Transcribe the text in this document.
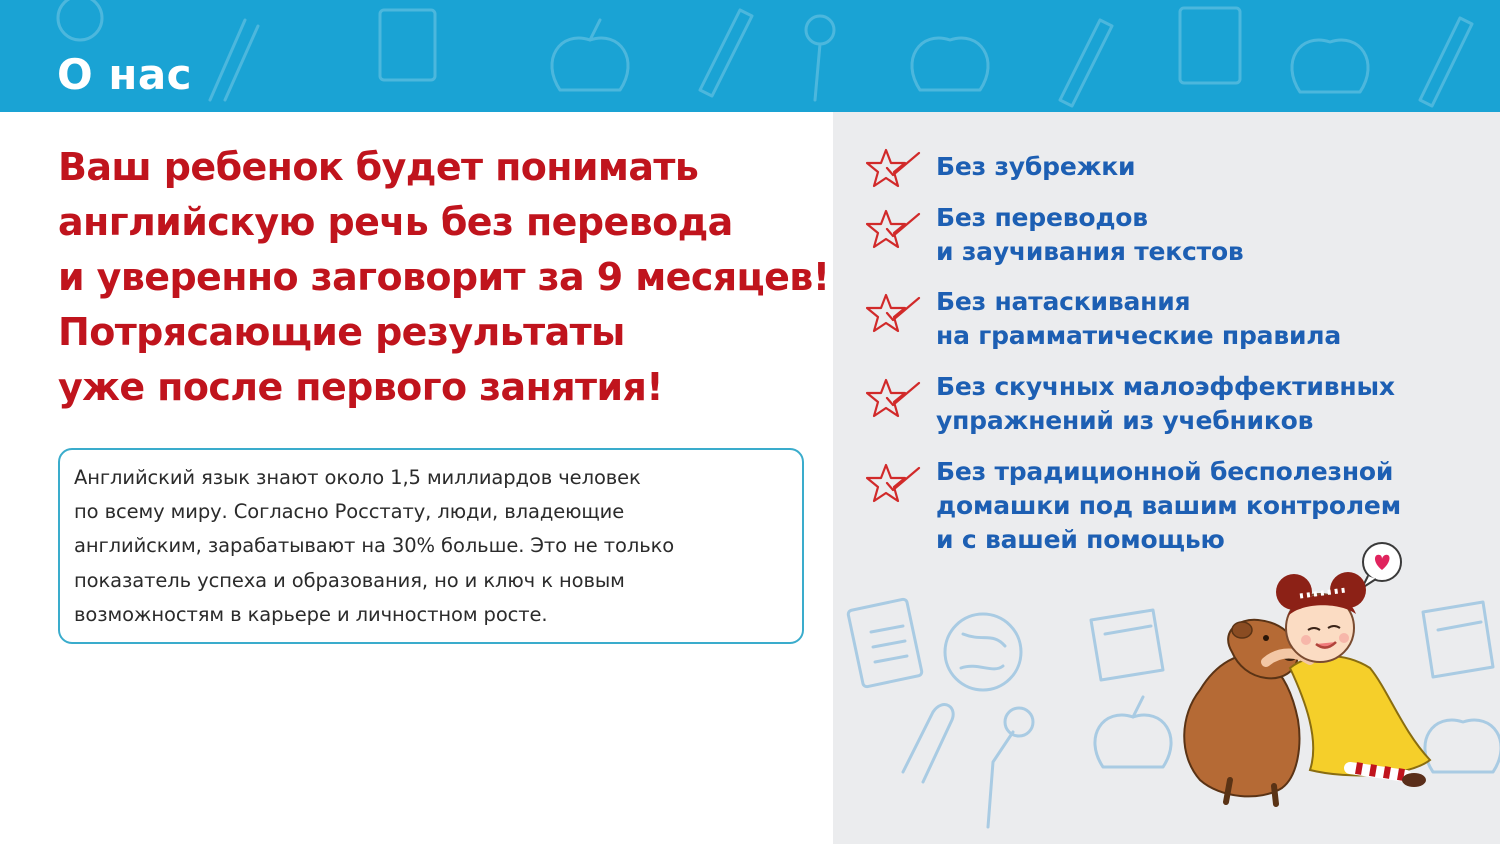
О нас
Ваш ребенок будет понимать
английскую речь без перевода
и уверенно заговорит за 9 месяцев!
Потрясающие результаты
уже после первого занятия!

Английский язык знают около 1,5 миллиардов человек
по всему миру. Согласно Росстату, люди, владеющие
английским, зарабатывают на 30% больше. Это не только
показатель успеха и образования, но и ключ к новым
возможностям в карьере и личностном росте.

Без зубрежки
Без переводов
и заучивания текстов
Без натаскивания
на грамматические правила
Без скучных малоэффективных
упражнений из учебников
Без традиционной бесполезной
домашки под вашим контролем
и с вашей помощью
